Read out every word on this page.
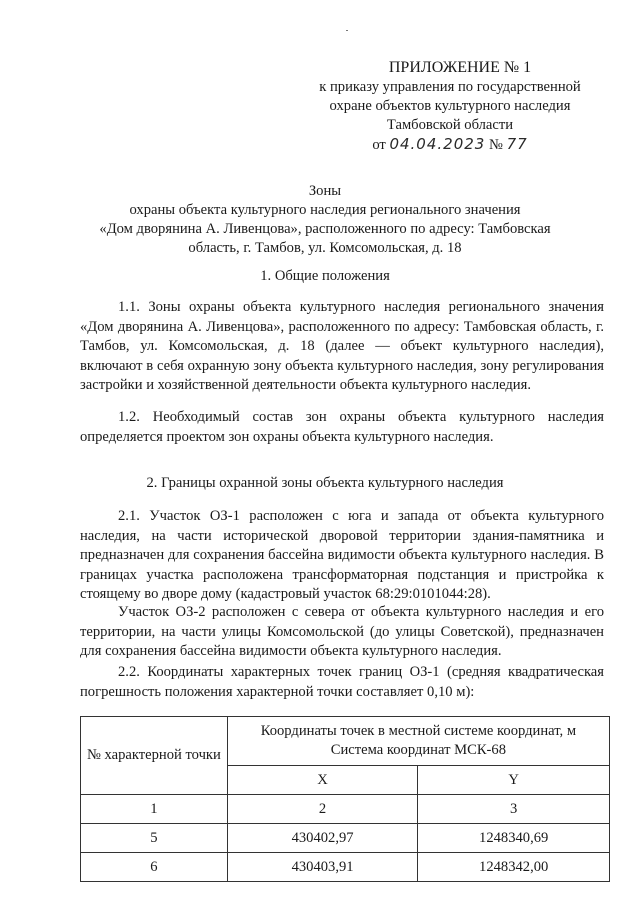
ПРИЛОЖЕНИЕ № 1
к приказу управления по государственной
охране объектов культурного наследия
Тамбовской области
от 04.04.2023 № 77
Зоны
охраны объекта культурного наследия регионального значения
«Дом дворянина А. Ливенцова», расположенного по адресу: Тамбовская
область, г. Тамбов, ул. Комсомольская, д. 18
1. Общие положения

1.1. Зоны охраны объекта культурного наследия регионального значения «Дом дворянина А. Ливенцова», расположенного по адресу: Тамбовская область, г. Тамбов, ул. Комсомольская, д. 18 (далее — объект культурного наследия), включают в себя охранную зону объекта культурного наследия, зону регулирования застройки и хозяйственной деятельности объекта культурного наследия.

1.2. Необходимый состав зон охраны объекта культурного наследия определяется проектом зон охраны объекта культурного наследия.

2. Границы охранной зоны объекта культурного наследия

2.1. Участок ОЗ-1 расположен с юга и запада от объекта культурного наследия, на части исторической дворовой территории здания-памятника и предназначен для сохранения бассейна видимости объекта культурного наследия. В границах участка расположена трансформаторная подстанция и пристройка к стоящему во дворе дому (кадастровый участок 68:29:0101044:28).

Участок ОЗ-2 расположен с севера от объекта культурного наследия и его территории, на части улицы Комсомольской (до улицы Советской), предназначен для сохранения бассейна видимости объекта культурного наследия.

2.2. Координаты характерных точек границ ОЗ-1 (средняя квадратическая погрешность положения характерной точки составляет 0,10 м):

№ характерной точки	Координаты точек в местной системе координат, м
Система координат МСК-68	

	X	Y
1	2	3
5	430402,97	1248340,69
6	430403,91	1248342,00
